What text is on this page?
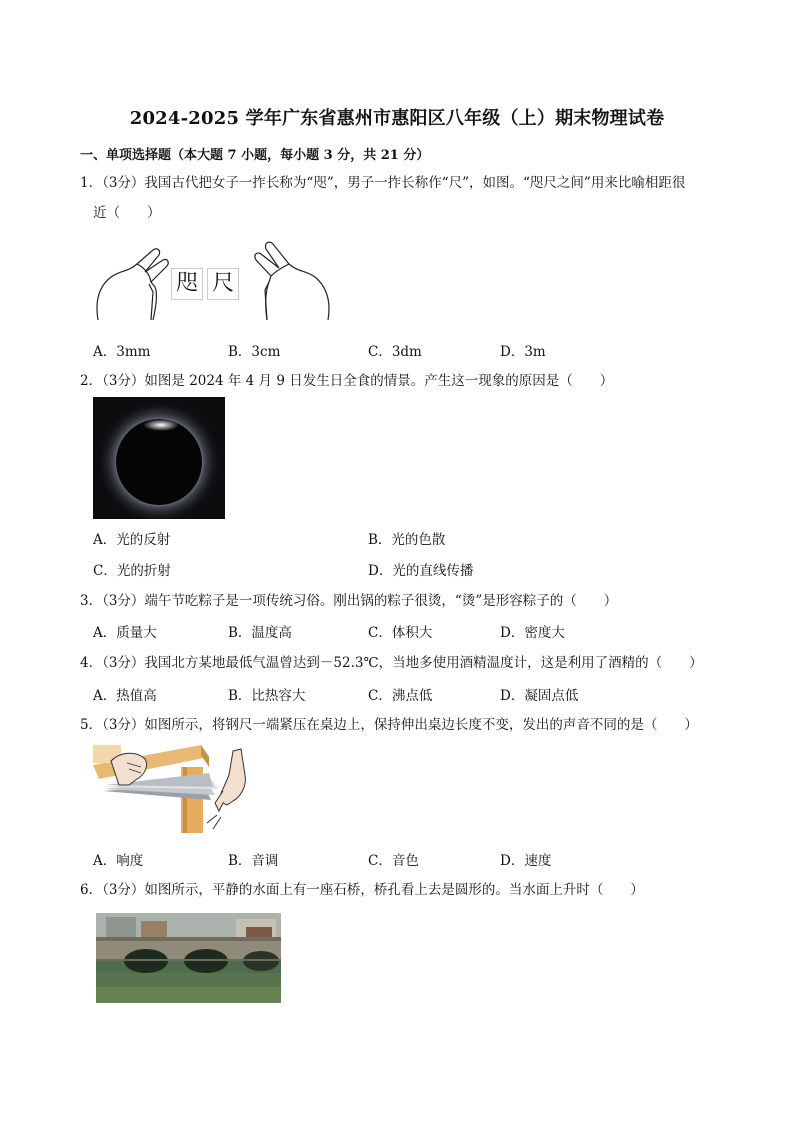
2024-2025 学年广东省惠州市惠阳区八年级（上）期末物理试卷
一、单项选择题（本大题 7 小题，每小题 3 分，共 21 分）
1．（3分）我国古代把女子一拃长称为“咫”，男子一拃长称作“尺”，如图。“咫尺之间”用来比喻相距很
近（　　）
咫 尺
A．3mm	B．3cm	C．3dm	D．3m
2．（3分）如图是 2024 年 4 月 9 日发生日全食的情景。产生这一现象的原因是（　　）
A．光的反射	B．光的色散
C．光的折射	D．光的直线传播
3．（3分）端午节吃粽子是一项传统习俗。刚出锅的粽子很烫，“烫”是形容粽子的（　　）
A．质量大	B．温度高	C．体积大	D．密度大
4．（3分）我国北方某地最低气温曾达到－52.3℃，当地多使用酒精温度计，这是利用了酒精的（　　）
A．热值高	B．比热容大	C．沸点低	D．凝固点低
5．（3分）如图所示，将钢尺一端紧压在桌边上，保持伸出桌边长度不变，发出的声音不同的是（　　）
A．响度	B．音调	C．音色	D．速度
6．（3分）如图所示，平静的水面上有一座石桥，桥孔看上去是圆形的。当水面上升时（　　）
